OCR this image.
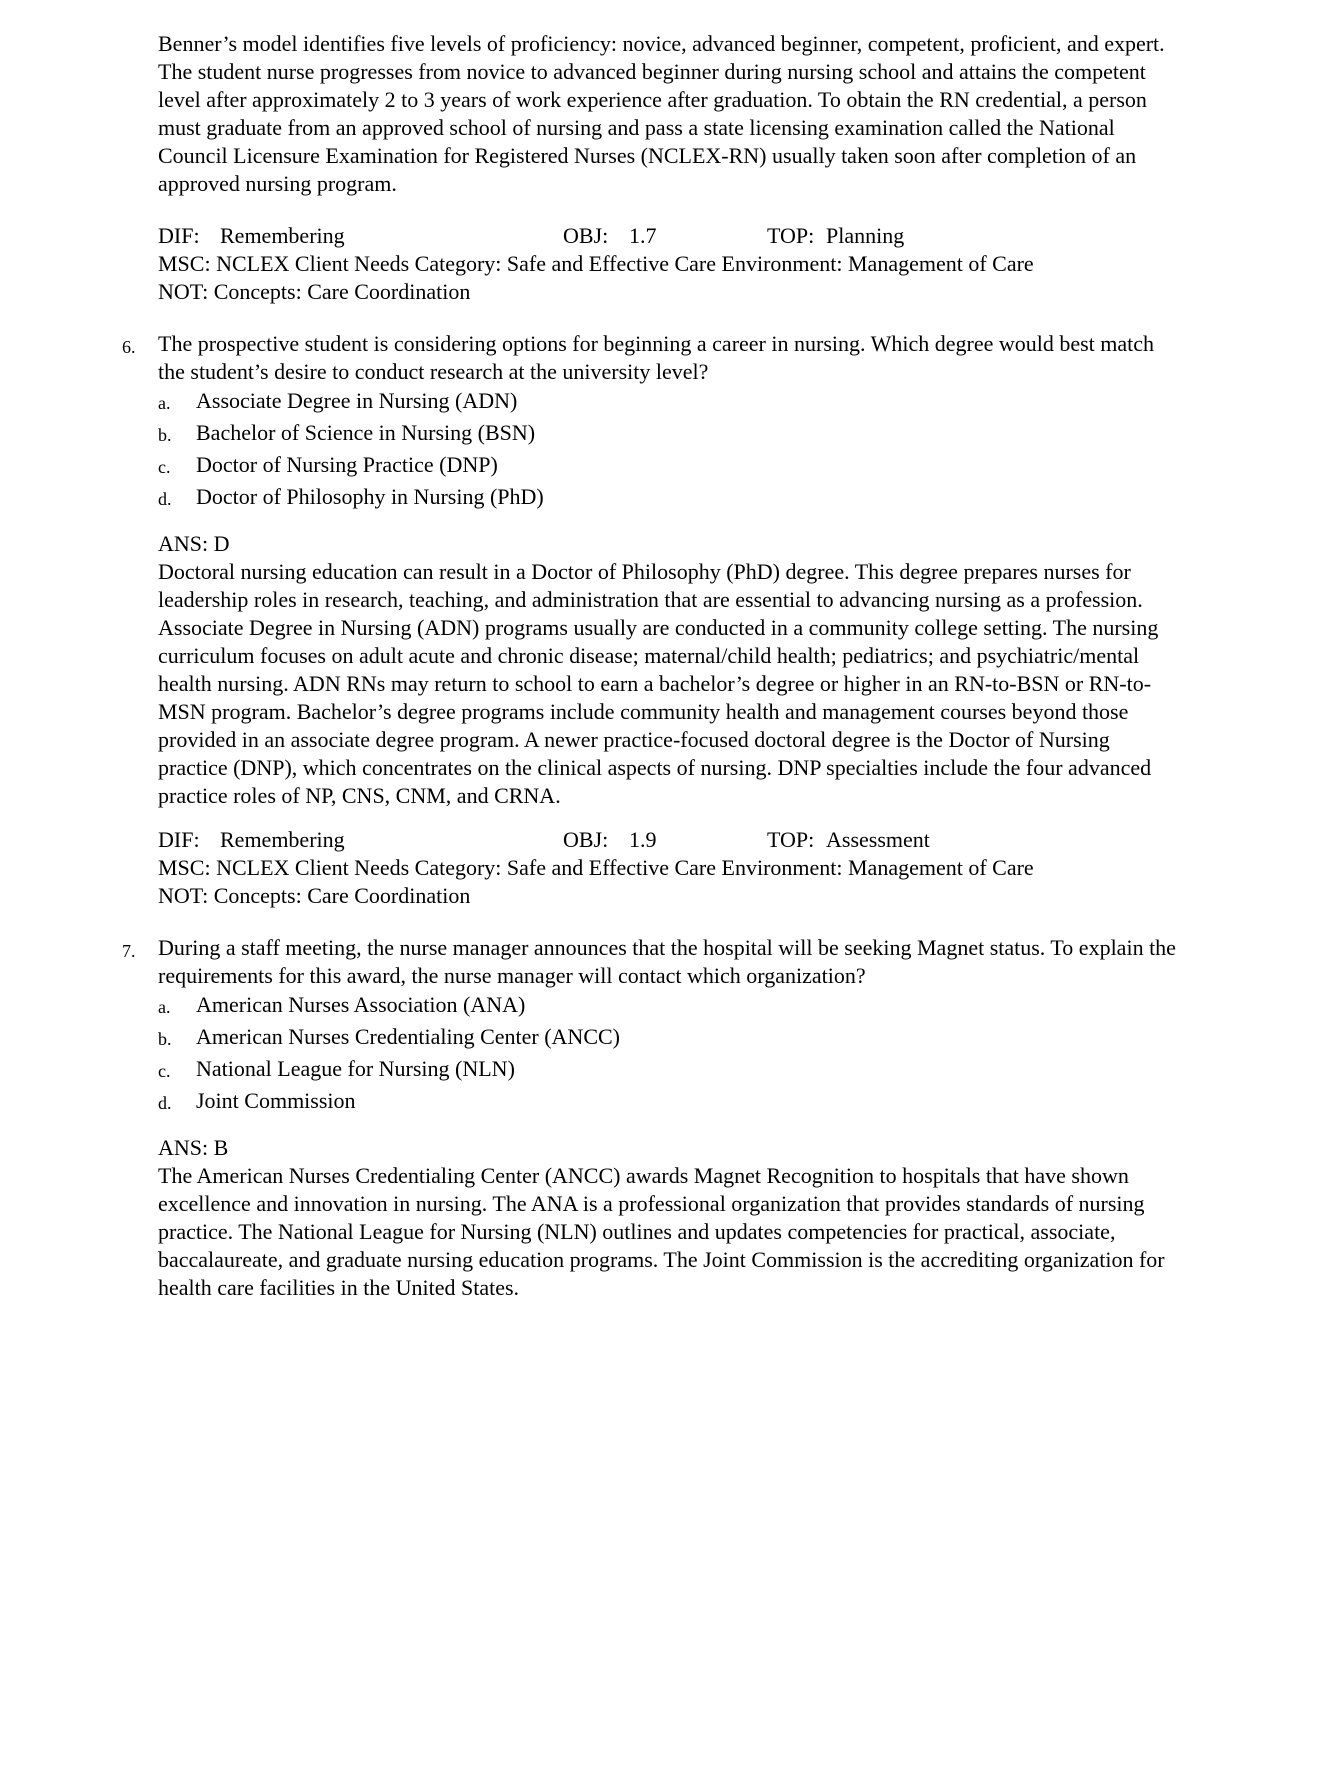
Benner’s model identifies five levels of proficiency: novice, advanced beginner, competent, proficient, and expert. The student nurse progresses from novice to advanced beginner during nursing school and attains the competent level after approximately 2 to 3 years of work experience after graduation. To obtain the RN credential, a person must graduate from an approved school of nursing and pass a state licensing examination called the National Council Licensure Examination for Registered Nurses (NCLEX-RN) usually taken soon after completion of an approved nursing program.
DIF: Remembering	OBJ: 1.7	TOP: Planning
MSC: NCLEX Client Needs Category: Safe and Effective Care Environment: Management of Care
NOT: Concepts: Care Coordination
6. The prospective student is considering options for beginning a career in nursing. Which degree would best match the student’s desire to conduct research at the university level?
a.	Associate Degree in Nursing (ADN)
b.	Bachelor of Science in Nursing (BSN)
c.	Doctor of Nursing Practice (DNP)
d.	Doctor of Philosophy in Nursing (PhD)
ANS: D
Doctoral nursing education can result in a Doctor of Philosophy (PhD) degree. This degree prepares nurses for leadership roles in research, teaching, and administration that are essential to advancing nursing as a profession. Associate Degree in Nursing (ADN) programs usually are conducted in a community college setting. The nursing curriculum focuses on adult acute and chronic disease; maternal/child health; pediatrics; and psychiatric/mental health nursing. ADN RNs may return to school to earn a bachelor’s degree or higher in an RN-to-BSN or RN-to-MSN program. Bachelor’s degree programs include community health and management courses beyond those provided in an associate degree program. A newer practice-focused doctoral degree is the Doctor of Nursing practice (DNP), which concentrates on the clinical aspects of nursing. DNP specialties include the four advanced practice roles of NP, CNS, CNM, and CRNA.
DIF: Remembering	OBJ: 1.9	TOP: Assessment
MSC: NCLEX Client Needs Category: Safe and Effective Care Environment: Management of Care
NOT: Concepts: Care Coordination
7. During a staff meeting, the nurse manager announces that the hospital will be seeking Magnet status. To explain the requirements for this award, the nurse manager will contact which organization?
a.	American Nurses Association (ANA)
b.	American Nurses Credentialing Center (ANCC)
c.	National League for Nursing (NLN)
d.	Joint Commission
ANS: B
The American Nurses Credentialing Center (ANCC) awards Magnet Recognition to hospitals that have shown excellence and innovation in nursing. The ANA is a professional organization that provides standards of nursing practice. The National League for Nursing (NLN) outlines and updates competencies for practical, associate, baccalaureate, and graduate nursing education programs. The Joint Commission is the accrediting organization for health care facilities in the United States.
